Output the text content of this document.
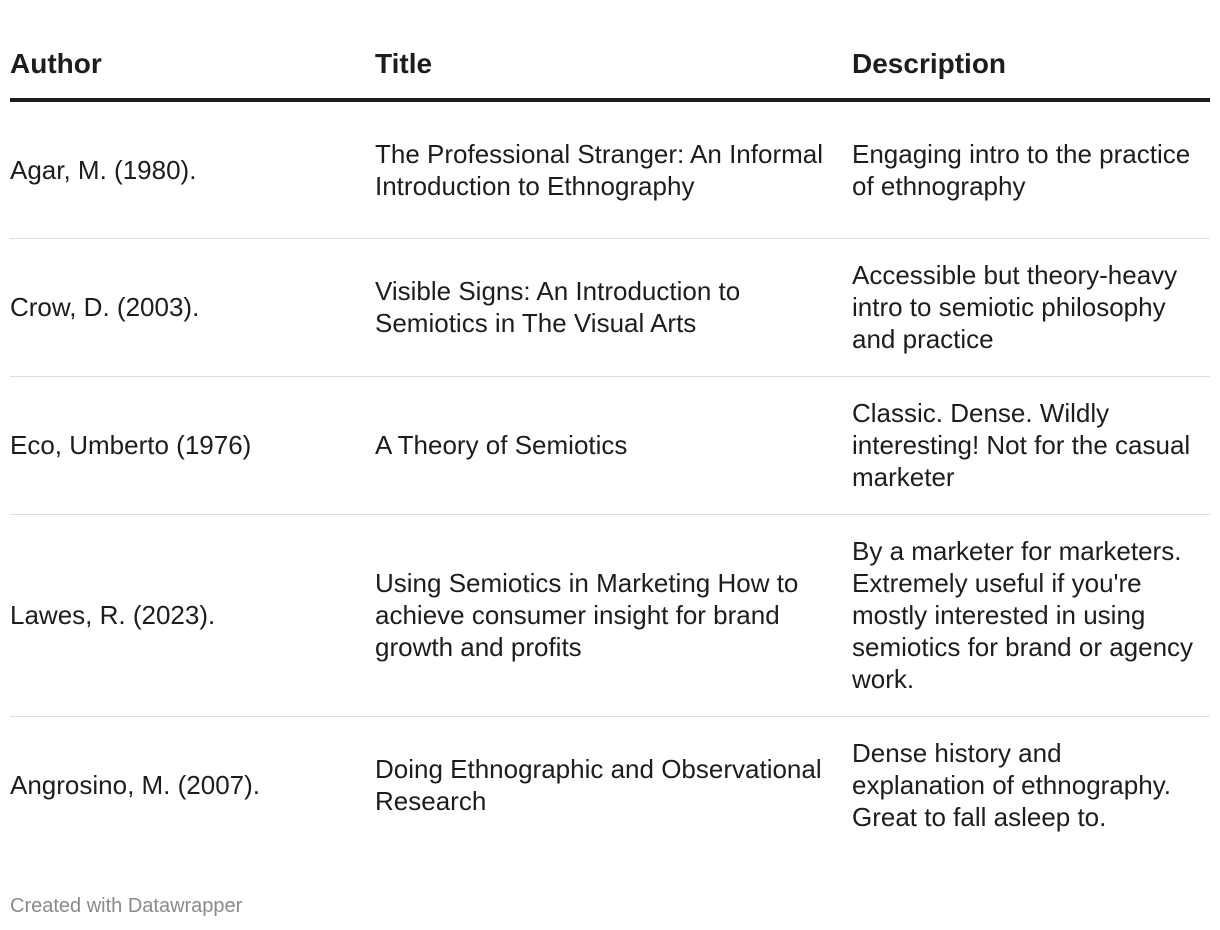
Author	Title	Description

Agar, M. (1980).	The Professional Stranger: An Informal Introduction to Ethnography	Engaging intro to the practice of ethnography

Crow, D. (2003).	Visible Signs: An Introduction to Semiotics in The Visual Arts	Accessible but theory-heavy intro to semiotic philosophy and practice

Eco, Umberto (1976)	A Theory of Semiotics	Classic. Dense. Wildly interesting! Not for the casual marketer

Lawes, R. (2023).	Using Semiotics in Marketing How to achieve consumer insight for brand growth and profits	By a marketer for marketers. Extremely useful if you're mostly interested in using semiotics for brand or agency work.

Angrosino, M. (2007).	Doing Ethnographic and Observational Research	Dense history and explanation of ethnography. Great to fall asleep to.
Created with Datawrapper
